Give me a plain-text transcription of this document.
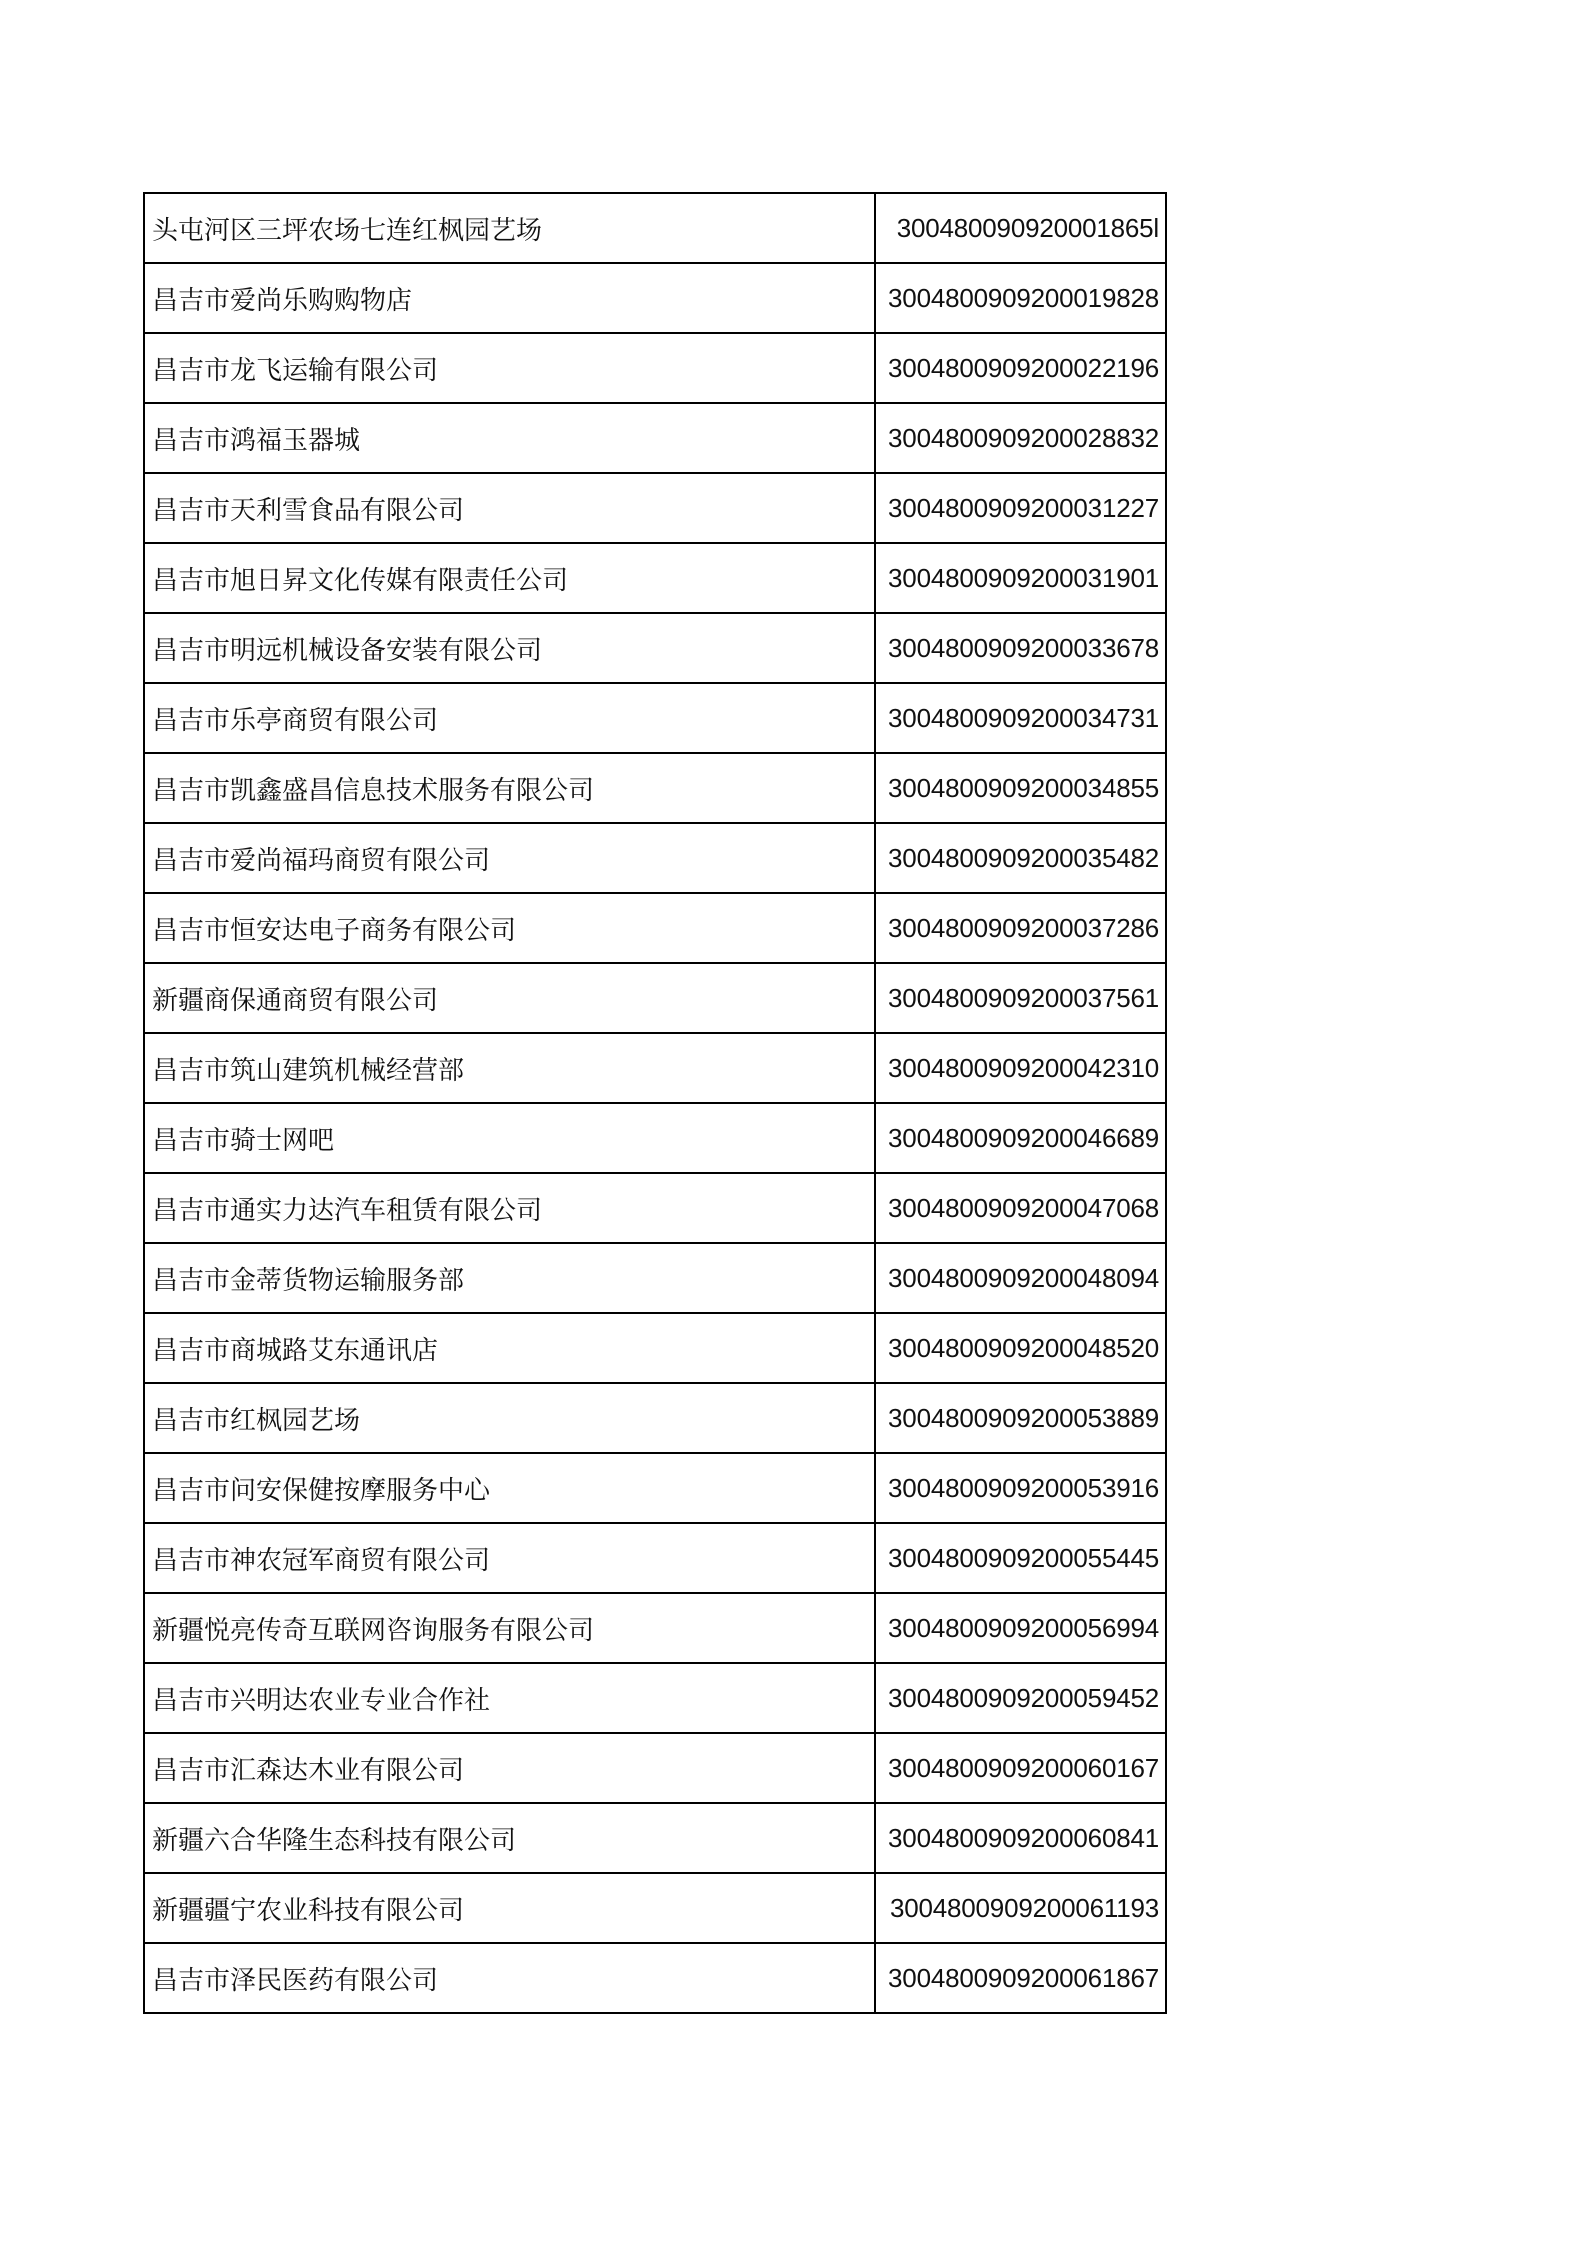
头屯河区三坪农场七连红枫园艺场	300480090920001865l
昌吉市爱尚乐购购物店	3004800909200019828
昌吉市龙飞运输有限公司	3004800909200022196
昌吉市鸿福玉器城	3004800909200028832
昌吉市天利雪食品有限公司	3004800909200031227
昌吉市旭日昇文化传媒有限责任公司	3004800909200031901
昌吉市明远机械设备安装有限公司	3004800909200033678
昌吉市乐亭商贸有限公司	3004800909200034731
昌吉市凯鑫盛昌信息技术服务有限公司	3004800909200034855
昌吉市爱尚福玛商贸有限公司	3004800909200035482
昌吉市恒安达电子商务有限公司	3004800909200037286
新疆商保通商贸有限公司	3004800909200037561
昌吉市筑山建筑机械经营部	3004800909200042310
昌吉市骑士网吧	3004800909200046689
昌吉市通实力达汽车租赁有限公司	3004800909200047068
昌吉市金蒂货物运输服务部	3004800909200048094
昌吉市商城路艾东通讯店	3004800909200048520
昌吉市红枫园艺场	3004800909200053889
昌吉市问安保健按摩服务中心	3004800909200053916
昌吉市神农冠军商贸有限公司	3004800909200055445
新疆悦亮传奇互联网咨询服务有限公司	3004800909200056994
昌吉市兴明达农业专业合作社	3004800909200059452
昌吉市汇森达木业有限公司	3004800909200060167
新疆六合华隆生态科技有限公司	3004800909200060841
新疆疆宁农业科技有限公司	3004800909200061193
昌吉市泽民医药有限公司	3004800909200061867
